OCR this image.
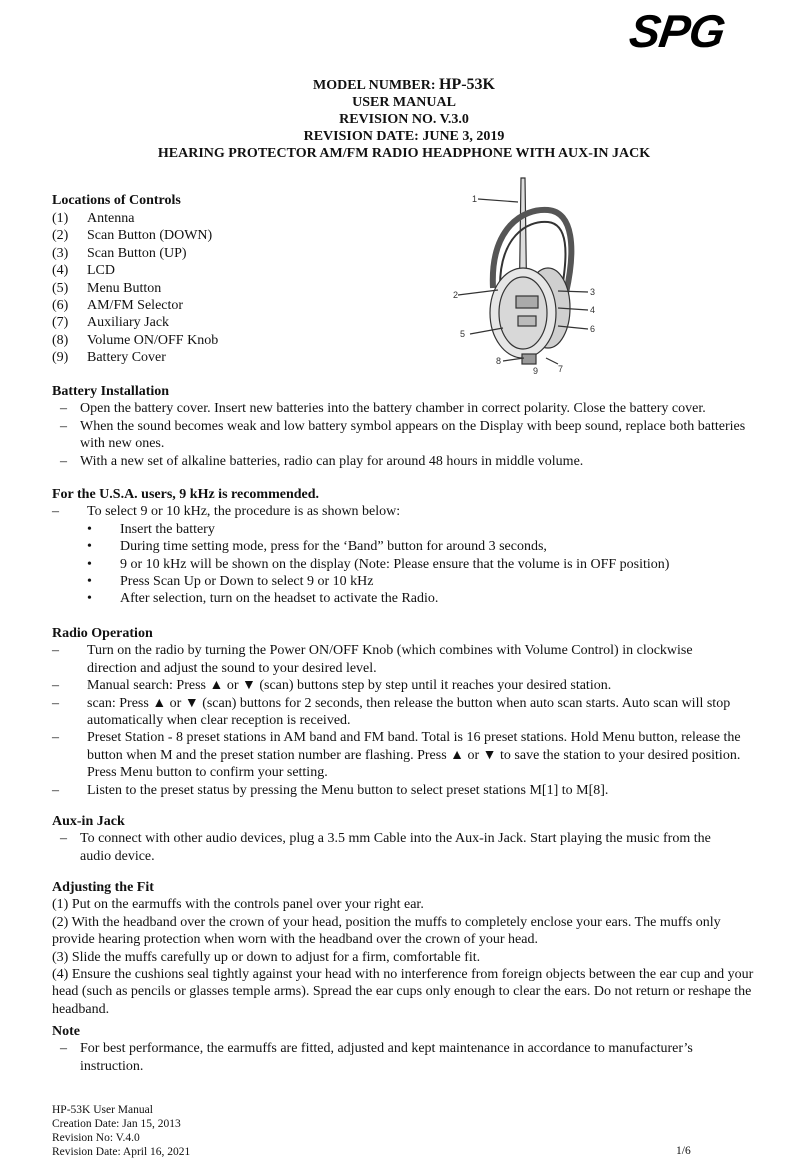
SPG
MODEL NUMBER: HP-53K
USER MANUAL
REVISION NO. V.3.0
REVISION DATE: JUNE 3, 2019
HEARING PROTECTOR AM/FM RADIO HEADPHONE WITH AUX-IN JACK
Locations of Controls
(1)	Antenna
(2)	Scan Button (DOWN)
(3)	Scan Button (UP)
(4)	LCD
(5)	Menu Button
(6)	AM/FM Selector
(7)	Auxiliary Jack
(8)	Volume ON/OFF Knob
(9)	Battery Cover
1
2	3
4
5	6
7
8
9
Battery Installation
– Open the battery cover. Insert new batteries into the battery chamber in correct polarity. Close the battery cover.
– When the sound becomes weak and low battery symbol appears on the Display with beep sound, replace both batteries with new ones.
– With a new set of alkaline batteries, radio can play for around 48 hours in middle volume.
For the U.S.A. users, 9 kHz is recommended.
–	To select 9 or 10 kHz, the procedure is as shown below:
•	Insert the battery
•	During time setting mode, press for the ‘Band” button for around 3 seconds,
•	9 or 10 kHz will be shown on the display (Note: Please ensure that the volume is in OFF position)
•	Press Scan Up or Down to select 9 or 10 kHz
•	After selection, turn on the headset to activate the Radio.
Radio Operation
–	Turn on the radio by turning the Power ON/OFF Knob (which combines with Volume Control) in clockwise direction and adjust the sound to your desired level.
–	Manual search: Press ▲ or ▼ (scan) buttons step by step until it reaches your desired station.
–	scan: Press ▲ or ▼ (scan) buttons for 2 seconds, then release the button when auto scan starts. Auto scan will stop automatically when clear reception is received.
–	Preset Station - 8 preset stations in AM band and FM band. Total is 16 preset stations. Hold Menu button, release the button when M and the preset station number are flashing. Press ▲ or ▼ to save the station to your desired position. Press Menu button to confirm your setting.
–	Listen to the preset status by pressing the Menu button to select preset stations M[1] to M[8].
Aux-in Jack
– To connect with other audio devices, plug a 3.5 mm Cable into the Aux-in Jack. Start playing the music from the audio device.
Adjusting the Fit

(1) Put on the earmuffs with the controls panel over your right ear.

(2) With the headband over the crown of your head, position the muffs to completely enclose your ears. The muffs only provide hearing protection when worn with the headband over the crown of your head.

(3) Slide the muffs carefully up or down to adjust for a firm, comfortable fit.

(4) Ensure the cushions seal tightly against your head with no interference from foreign objects between the ear cup and your head (such as pencils or glasses temple arms). Spread the ear cups only enough to clear the ears. Do not return or reshape the headband.

Note
– For best performance, the earmuffs are fitted, adjusted and kept maintenance in accordance to manufacturer’s instruction.
HP-53K User Manual
Creation Date: Jan 15, 2013
Revision No: V.4.0
Revision Date: April 16, 2021	1/6
